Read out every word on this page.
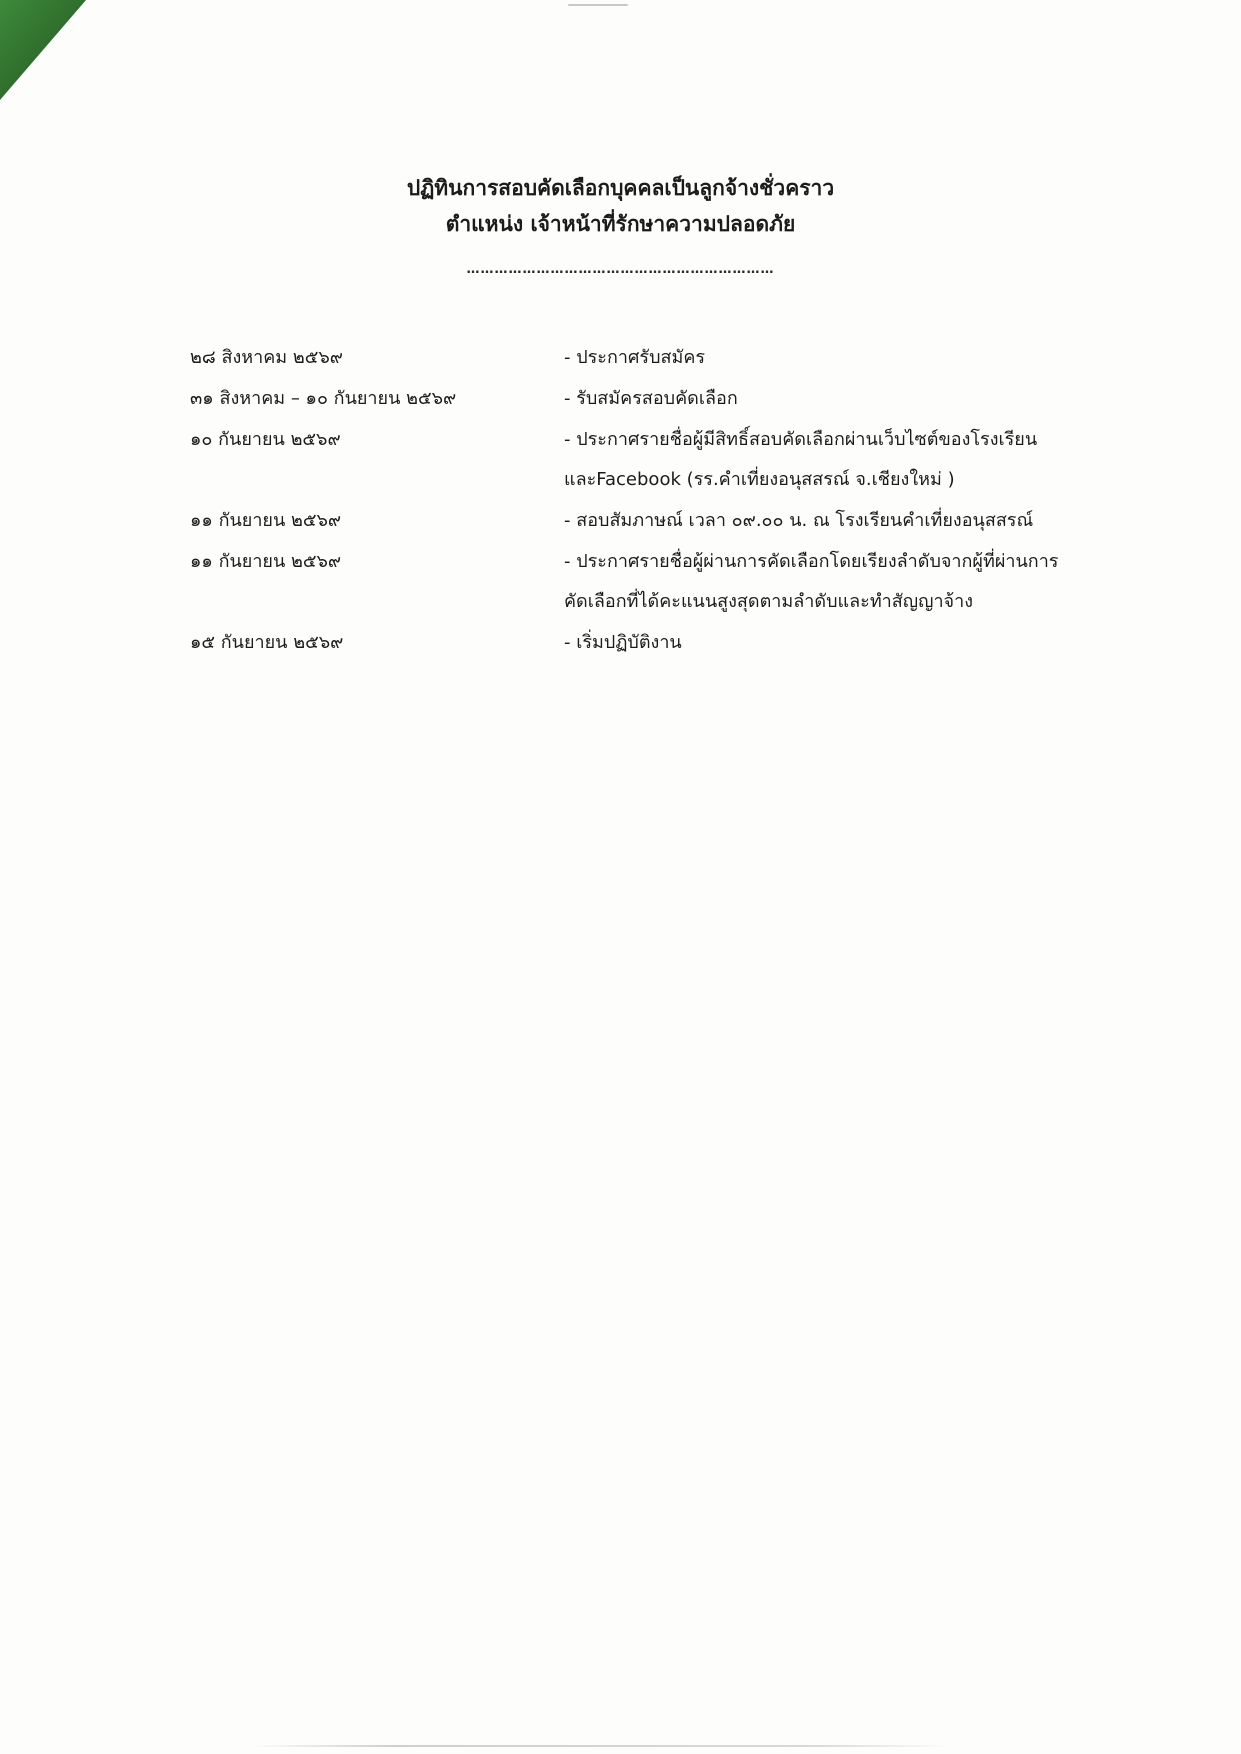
ปฏิทินการสอบคัดเลือกบุคคลเป็นลูกจ้างชั่วคราว

ตำแหน่ง เจ้าหน้าที่รักษาความปลอดภัย

…………………………………………………………

๒๘ สิงหาคม ๒๕๖๙	- ประกาศรับสมัคร
๓๑ สิงหาคม – ๑๐ กันยายน ๒๕๖๙	- รับสมัครสอบคัดเลือก
๑๐ กันยายน ๒๕๖๙	- ประกาศรายชื่อผู้มีสิทธิ์สอบคัดเลือกผ่านเว็บไซต์ของโรงเรียน
และFacebook (รร.คำเที่ยงอนุสสรณ์ จ.เชียงใหม่ )
๑๑ กันยายน ๒๕๖๙	- สอบสัมภาษณ์ เวลา ๐๙.๐๐ น. ณ โรงเรียนคำเที่ยงอนุสสรณ์
๑๑ กันยายน ๒๕๖๙	- ประกาศรายชื่อผู้ผ่านการคัดเลือกโดยเรียงลำดับจากผู้ที่ผ่านการ
คัดเลือกที่ได้คะแนนสูงสุดตามลำดับและทำสัญญาจ้าง
๑๕ กันยายน ๒๕๖๙	- เริ่มปฏิบัติงาน
